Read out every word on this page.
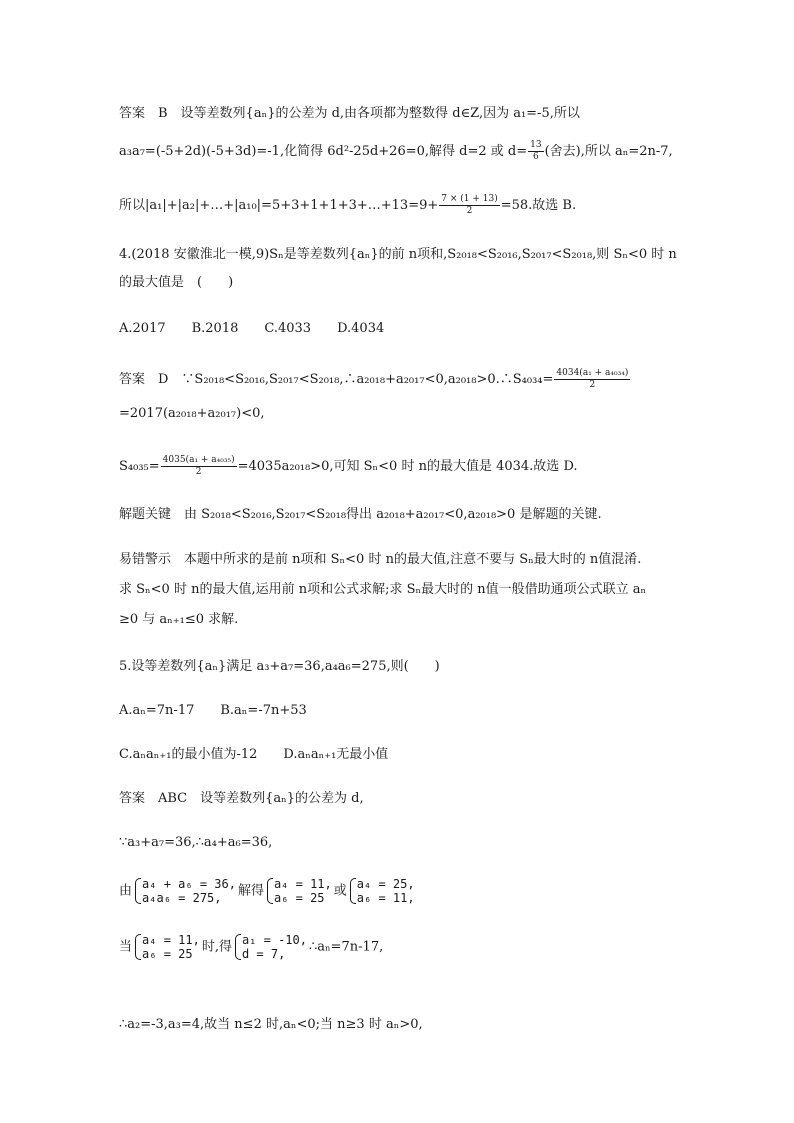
答案　B　设等差数列{aₙ}的公差为 d,由各项都为整数得 d∈Z,因为 a₁=-5,所以
a₃a₇=(-5+2d)(-5+3d)=-1,化简得 6d²-25d+26=0,解得 d=2 或 $d= \frac{13}{6}$ (舍去),所以 aₙ=2n-7,
所以|a₁|+|a₂|+…+|a₁₀|=5+3+1+1+3+…+13=9+ $\frac{7 \times (1 + 13)}{2} =58$.故选 B.
4.(2018 安徽淮北一模,9)Sₙ是等差数列{aₙ}的前 n项和,S₂₀₁₈<S₂₀₁₆,S₂₀₁₇<S₂₀₁₈,则 Sₙ<0 时 n
的最大值是　(　　)
A.2017　　B.2018　　C.4033　　D.4034
答案　D　∵S₂₀₁₈<S₂₀₁₆,S₂₀₁₇<S₂₀₁₈,∴a₂₀₁₈+a₂₀₁₇<0,a₂₀₁₈>0.∴S₄₀₃₄= $\frac{\text{4034(a₁ + a₄₀₃₄)}}{2}$
=2017(a₂₀₁₈+a₂₀₁₇)<0,
$S_{4035}= \frac{\text{4035(a₁ + a₄₀₃₅)}}{2} =4035a_{2018}>0$,可知 Sₙ<0 时 n的最大值是 4034.故选 D.
解题关键　由 S₂₀₁₈<S₂₀₁₆,S₂₀₁₇<S₂₀₁₈得出 a₂₀₁₈+a₂₀₁₇<0,a₂₀₁₈>0 是解题的关键.
易错警示　本题中所求的是前 n项和 Sₙ<0 时 n的最大值,注意不要与 Sₙ最大时的 n值混淆.
求 Sₙ<0 时 n的最大值,运用前 n项和公式求解;求 Sₙ最大时的 n值一般借助通项公式联立 aₙ
≥0 与 aₙ₊₁≤0 求解.
5.设等差数列{aₙ}满足 a₃+a₇=36,a₄a₆=275,则(　　)
A.aₙ=7n-17　　B.aₙ=-7n+53
C.aₙaₙ₊₁的最小值为-12　　D.aₙaₙ₊₁无最小值
答案　ABC　设等差数列{aₙ}的公差为 d,
∵a₃+a₇=36,∴a₄+a₆=36,
由 a₄ + a₆ = 36,
a₄a₆ = 275,	解得 a₄ = 11,
a₆ = 25 或 a₄ = 25,
a₆ = 11,
当 a₄ = 11,
a₆ = 25 时,得 a₁ = -10,
d = 7,	∴aₙ=7n-17,
∴a₂=-3,a₃=4,故当 n≤2 时,aₙ<0;当 n≥3 时 aₙ>0,
